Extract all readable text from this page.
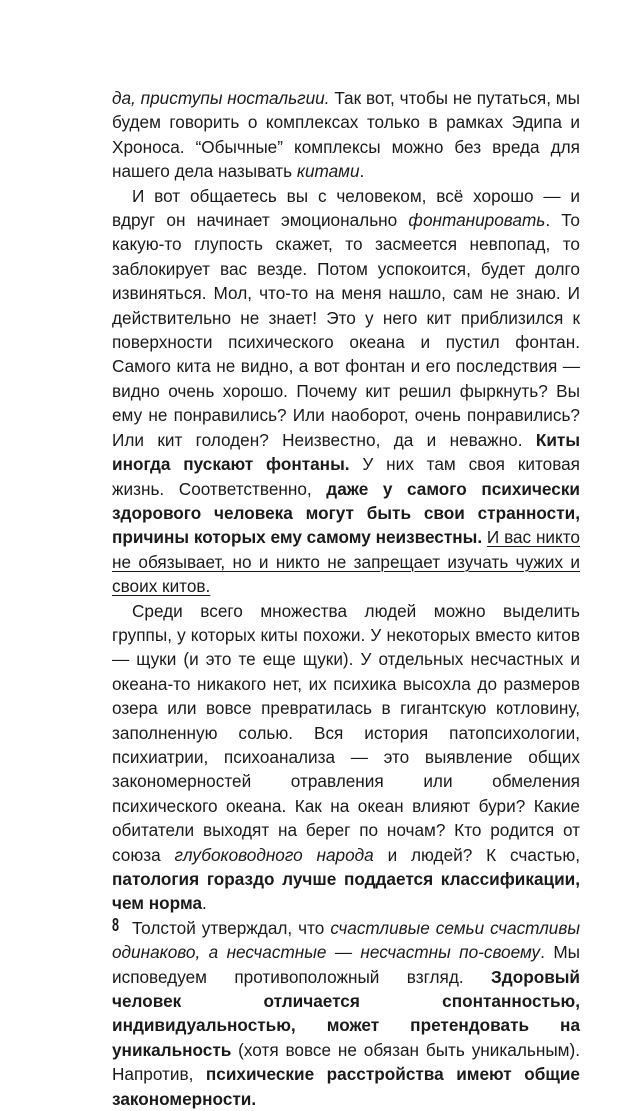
да, приступы ностальгии. Так вот, чтобы не путаться, мы будем говорить о комплексах только в рамках Эдипа и Хроноса. “Обычные” комплексы можно без вреда для нашего дела называть китами.

И вот общаетесь вы с человеком, всё хорошо — и вдруг он начинает эмоционально фонтанировать. То какую-то глупость скажет, то засмеется невпопад, то заблокирует вас везде. Потом успокоится, будет долго извиняться. Мол, что-то на меня нашло, сам не знаю. И действительно не знает! Это у него кит приблизился к поверхности психического океана и пустил фонтан. Самого кита не видно, а вот фонтан и его последствия — видно очень хорошо. Почему кит решил фыркнуть? Вы ему не понравились? Или наоборот, очень понравились? Или кит голоден? Неизвестно, да и неважно. Киты иногда пускают фонтаны. У них там своя китовая жизнь. Соответственно, даже у самого психически здорового человека могут быть свои странности, причины которых ему самому неизвестны. И вас никто не обязывает, но и никто не запрещает изучать чужих и своих китов.

Среди всего множества людей можно выделить группы, у которых киты похожи. У некоторых вместо китов — щуки (и это те еще щуки). У отдельных несчастных и океана-то никакого нет, их психика высохла до размеров озера или вовсе превратилась в гигантскую котловину, заполненную солью. Вся история патопсихологии, психиатрии, психоанализа — это выявление общих закономерностей отравления или обмеления психического океана. Как на океан влияют бури? Какие обитатели выходят на берег по ночам? Кто родится от союза глубоководного народа и людей? К счастью, патология гораздо лучше поддается классификации, чем норма.

Толстой утверждал, что счастливые семьи счастливы одинаково, а несчастные — несчастны по-своему. Мы исповедуем противоположный взгляд. Здоровый человек отличается спонтанностью, индивидуальностью, может претендовать на уникальность (хотя вовсе не обязан быть уникальным). Напротив, психические расстройства имеют общие закономерности.

8
